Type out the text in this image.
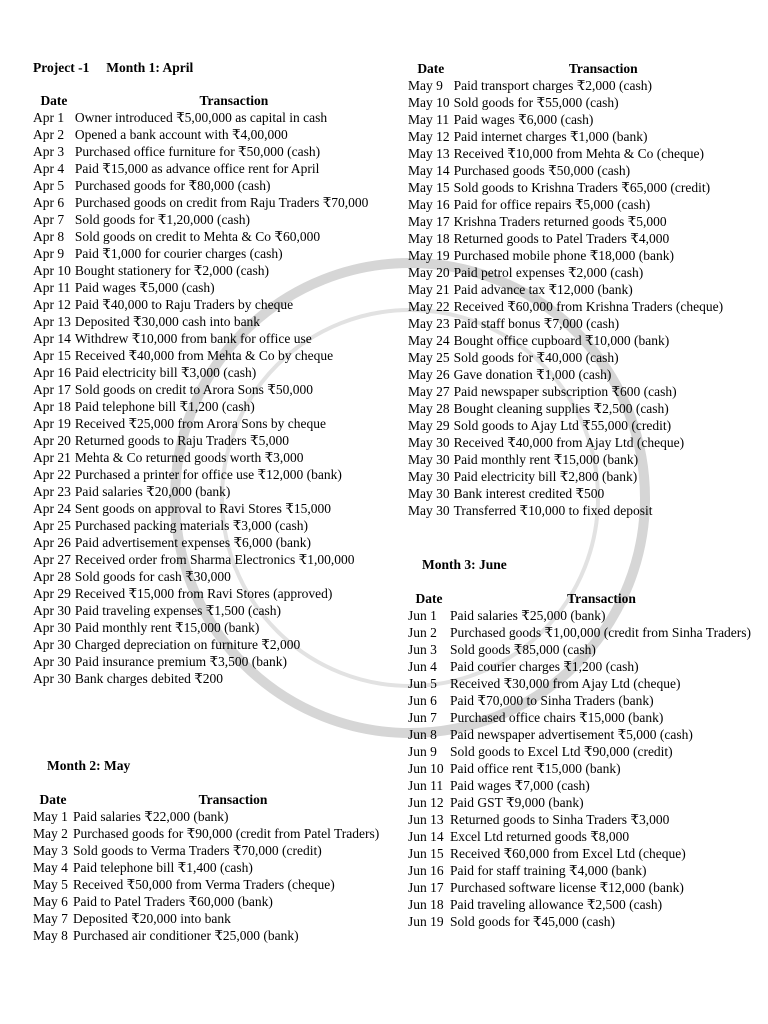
Project -1 Month 1: April
Date	Transaction
Apr 1	Owner introduced ₹5,00,000 as capital in cash
Apr 2	Opened a bank account with ₹4,00,000
Apr 3	Purchased office furniture for ₹50,000 (cash)
Apr 4	Paid ₹15,000 as advance office rent for April
Apr 5	Purchased goods for ₹80,000 (cash)
Apr 6	Purchased goods on credit from Raju Traders ₹70,000
Apr 7	Sold goods for ₹1,20,000 (cash)
Apr 8	Sold goods on credit to Mehta & Co ₹60,000
Apr 9	Paid ₹1,000 for courier charges (cash)
Apr 10	Bought stationery for ₹2,000 (cash)
Apr 11	Paid wages ₹5,000 (cash)
Apr 12	Paid ₹40,000 to Raju Traders by cheque
Apr 13	Deposited ₹30,000 cash into bank
Apr 14	Withdrew ₹10,000 from bank for office use
Apr 15	Received ₹40,000 from Mehta & Co by cheque
Apr 16	Paid electricity bill ₹3,000 (cash)
Apr 17	Sold goods on credit to Arora Sons ₹50,000
Apr 18	Paid telephone bill ₹1,200 (cash)
Apr 19	Received ₹25,000 from Arora Sons by cheque
Apr 20	Returned goods to Raju Traders ₹5,000
Apr 21	Mehta & Co returned goods worth ₹3,000
Apr 22	Purchased a printer for office use ₹12,000 (bank)
Apr 23	Paid salaries ₹20,000 (bank)
Apr 24	Sent goods on approval to Ravi Stores ₹15,000
Apr 25	Purchased packing materials ₹3,000 (cash)
Apr 26	Paid advertisement expenses ₹6,000 (bank)
Apr 27	Received order from Sharma Electronics ₹1,00,000
Apr 28	Sold goods for cash ₹30,000
Apr 29	Received ₹15,000 from Ravi Stores (approved)
Apr 30	Paid traveling expenses ₹1,500 (cash)
Apr 30	Paid monthly rent ₹15,000 (bank)
Apr 30	Charged depreciation on furniture ₹2,000
Apr 30	Paid insurance premium ₹3,500 (bank)
Apr 30	Bank charges debited ₹200
Month 2: May
Date	Transaction
May 1	Paid salaries ₹22,000 (bank)
May 2	Purchased goods for ₹90,000 (credit from Patel Traders)
May 3	Sold goods to Verma Traders ₹70,000 (credit)
May 4	Paid telephone bill ₹1,400 (cash)
May 5	Received ₹50,000 from Verma Traders (cheque)
May 6	Paid to Patel Traders ₹60,000 (bank)
May 7	Deposited ₹20,000 into bank
May 8	Purchased air conditioner ₹25,000 (bank)
Date	Transaction
May 9	Paid transport charges ₹2,000 (cash)
May 10	Sold goods for ₹55,000 (cash)
May 11	Paid wages ₹6,000 (cash)
May 12	Paid internet charges ₹1,000 (bank)
May 13	Received ₹10,000 from Mehta & Co (cheque)
May 14	Purchased goods ₹50,000 (cash)
May 15	Sold goods to Krishna Traders ₹65,000 (credit)
May 16	Paid for office repairs ₹5,000 (cash)
May 17	Krishna Traders returned goods ₹5,000
May 18	Returned goods to Patel Traders ₹4,000
May 19	Purchased mobile phone ₹18,000 (bank)
May 20	Paid petrol expenses ₹2,000 (cash)
May 21	Paid advance tax ₹12,000 (bank)
May 22	Received ₹60,000 from Krishna Traders (cheque)
May 23	Paid staff bonus ₹7,000 (cash)
May 24	Bought office cupboard ₹10,000 (bank)
May 25	Sold goods for ₹40,000 (cash)
May 26	Gave donation ₹1,000 (cash)
May 27	Paid newspaper subscription ₹600 (cash)
May 28	Bought cleaning supplies ₹2,500 (cash)
May 29	Sold goods to Ajay Ltd ₹55,000 (credit)
May 30	Received ₹40,000 from Ajay Ltd (cheque)
May 30	Paid monthly rent ₹15,000 (bank)
May 30	Paid electricity bill ₹2,800 (bank)
May 30	Bank interest credited ₹500
May 30	Transferred ₹10,000 to fixed deposit
Month 3: June
Date	Transaction
Jun 1	Paid salaries ₹25,000 (bank)
Jun 2	Purchased goods ₹1,00,000 (credit from Sinha Traders)
Jun 3	Sold goods ₹85,000 (cash)
Jun 4	Paid courier charges ₹1,200 (cash)
Jun 5	Received ₹30,000 from Ajay Ltd (cheque)
Jun 6	Paid ₹70,000 to Sinha Traders (bank)
Jun 7	Purchased office chairs ₹15,000 (bank)
Jun 8	Paid newspaper advertisement ₹5,000 (cash)
Jun 9	Sold goods to Excel Ltd ₹90,000 (credit)
Jun 10	Paid office rent ₹15,000 (bank)
Jun 11	Paid wages ₹7,000 (cash)
Jun 12	Paid GST ₹9,000 (bank)
Jun 13	Returned goods to Sinha Traders ₹3,000
Jun 14	Excel Ltd returned goods ₹8,000
Jun 15	Received ₹60,000 from Excel Ltd (cheque)
Jun 16	Paid for staff training ₹4,000 (bank)
Jun 17	Purchased software license ₹12,000 (bank)
Jun 18	Paid traveling allowance ₹2,500 (cash)
Jun 19	Sold goods for ₹45,000 (cash)
